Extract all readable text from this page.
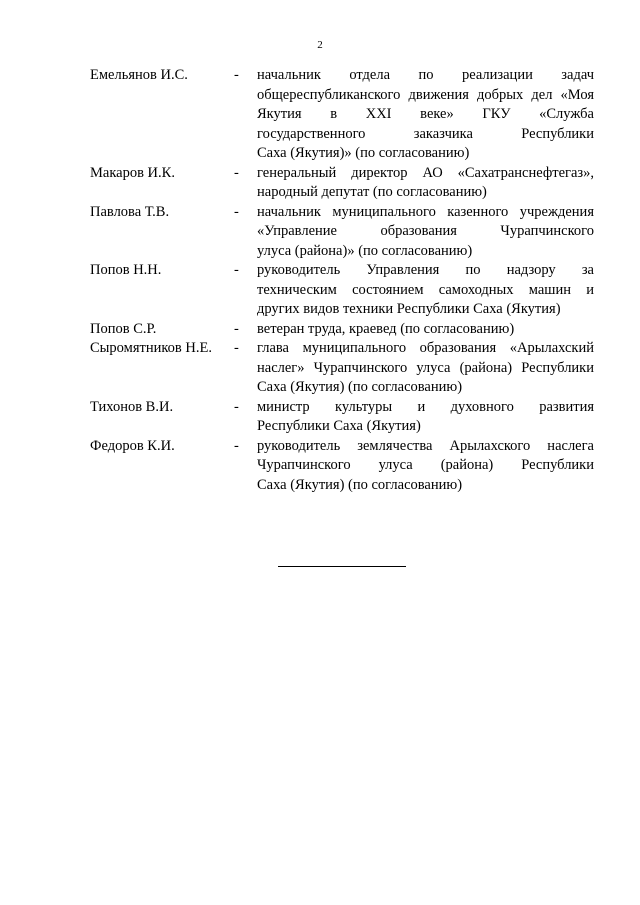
2
Емельянов И.С.	- начальник отдела по реализации задач
общереспубликанского движения добрых дел «Моя
Якутия в XXI веке» ГКУ «Служба
государственного заказчика Республики
Саха (Якутия)» (по согласованию)
Макаров И.К.	- генеральный директор АО «Сахатранснефтегаз»,
народный депутат (по согласованию)
Павлова Т.В.	- начальник муниципального казенного учреждения
«Управление образования Чурапчинского
улуса (района)» (по согласованию)
Попов Н.Н.	- руководитель Управления по надзору за
техническим состоянием самоходных машин и
других видов техники Республики Саха (Якутия)
Попов С.Р.	- ветеран труда, краевед (по согласованию)
Сыромятников Н.Е. - глава муниципального образования «Арылахский
наслег» Чурапчинского улуса (района) Республики
Саха (Якутия) (по согласованию)
Тихонов В.И.	- министр культуры и духовного развития
Республики Саха (Якутия)
Федоров К.И.	- руководитель землячества Арылахского наслега
Чурапчинского улуса (района) Республики
Саха (Якутия) (по согласованию)
